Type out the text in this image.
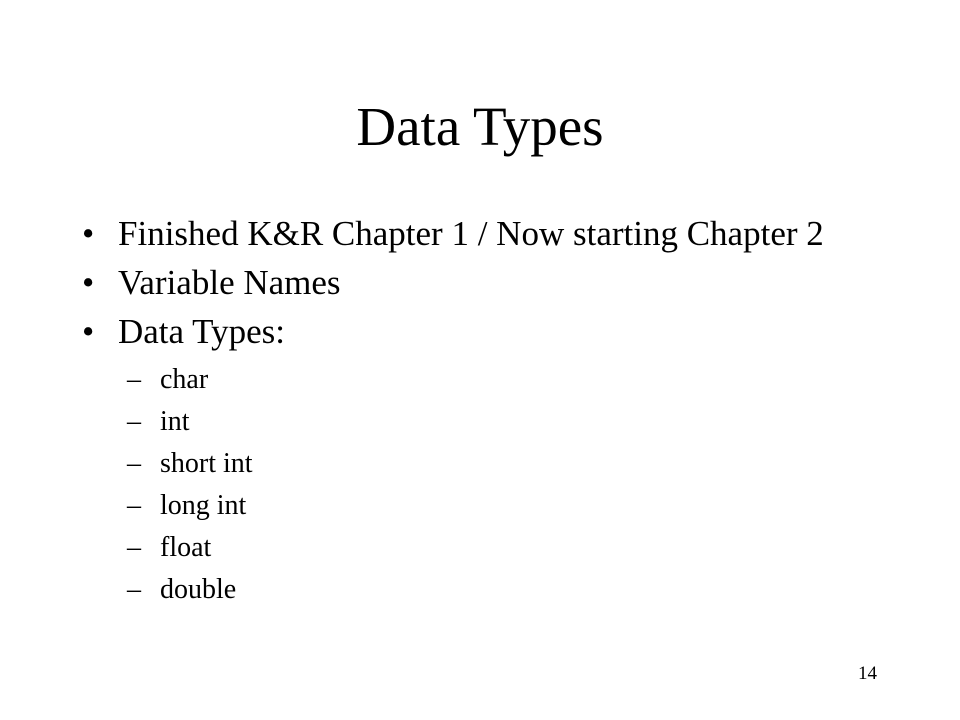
Data Types
• Finished K&R Chapter 1 / Now starting Chapter 2
• Variable Names
• Data Types:
– char
– int
– short int
– long int
– float
– double
14
